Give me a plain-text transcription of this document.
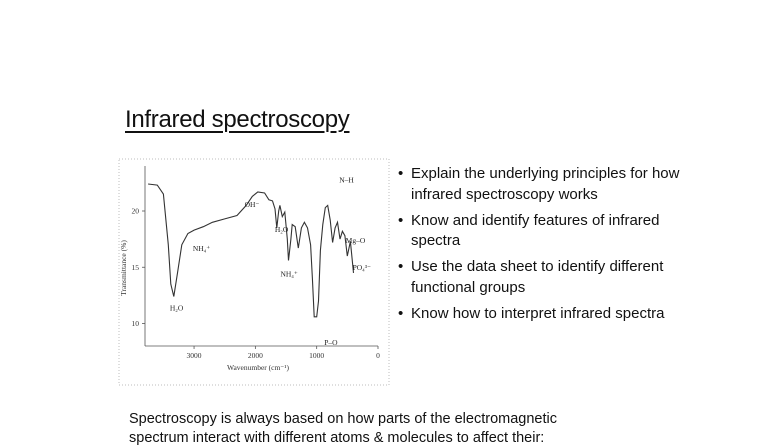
Infrared spectroscopy
3000	2000	1000	0
20
15
10
H₂O
NH₄⁺
OH⁻
H₂O
NH₄⁺
Mg–O
N–H
PO₄³⁻
P–O
Wavenumber (cm⁻¹)
Transmittance (%)
• Explain the underlying principles for how infrared spectroscopy works
• Know and identify features of infrared spectra
• Use the data sheet to identify different functional groups
• Know how to interpret infrared spectra

Spectroscopy is always based on how parts of the electromagnetic

spectrum interact with different atoms & molecules to affect their:
